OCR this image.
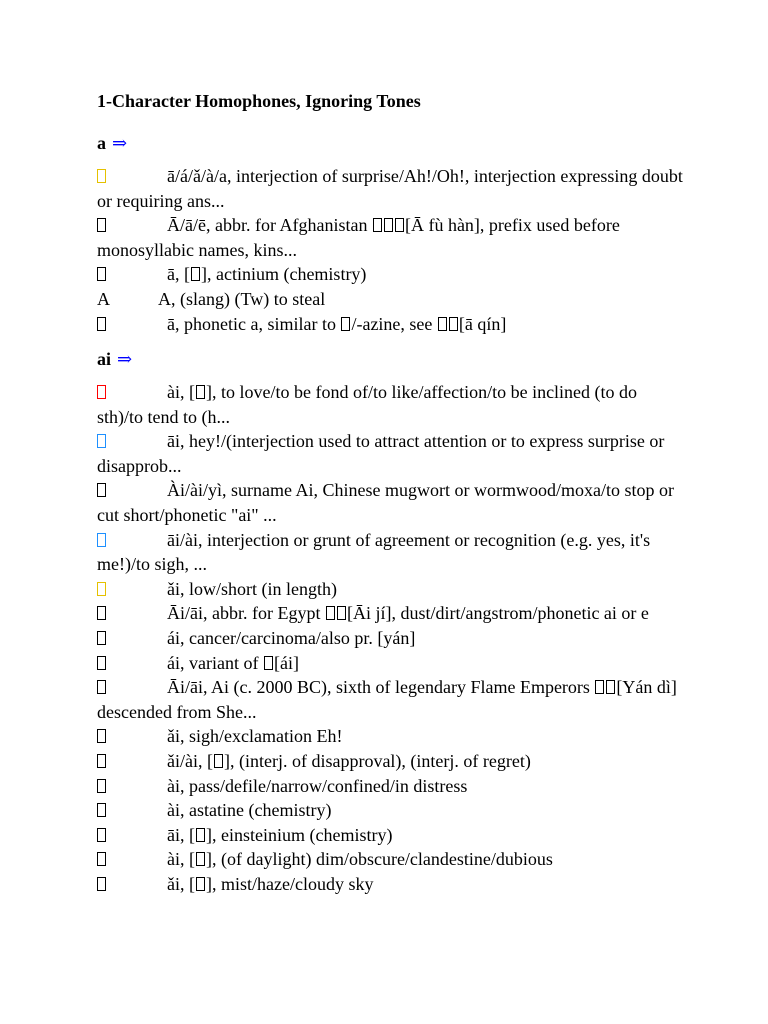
1-Character Homophones, Ignoring Tones
a ⇒
ā/á/ǎ/à/a, interjection of surprise/Ah!/Oh!, interjection expressing doubt or requiring ans...
Ā/ā/ē, abbr. for Afghanistan [Ā fù hàn], prefix used before monosyllabic names, kins...
ā, [ ], actinium (chemistry)
A	A, (slang) (Tw) to steal
ā, phonetic a, similar to /-azine, see [ā qín]
ai ⇒
ài, [ ], to love/to be fond of/to like/affection/to be inclined (to do sth)/to tend to (h...
āi, hey!/(interjection used to attract attention or to express surprise or disapprob...
Ài/ài/yì, surname Ai, Chinese mugwort or wormwood/moxa/to stop or cut short/phonetic "ai" ...
āi/ài, interjection or grunt of agreement or recognition (e.g. yes, it's me!)/to sigh, ...
ǎi, low/short (in length)
Āi/āi, abbr. for Egypt [Āi jí], dust/dirt/angstrom/phonetic ai or e
ái, cancer/carcinoma/also pr. [yán]
ái, variant of [ái]
Āi/āi, Ai (c. 2000 BC), sixth of legendary Flame Emperors [Yán dì] descended from She...
ǎi, sigh/exclamation Eh!
ǎi/ài, [ ], (interj. of disapproval), (interj. of regret)
ài, pass/defile/narrow/confined/in distress
ài, astatine (chemistry)
āi, [ ], einsteinium (chemistry)
ài, [ ], (of daylight) dim/obscure/clandestine/dubious
ǎi, [ ], mist/haze/cloudy sky
